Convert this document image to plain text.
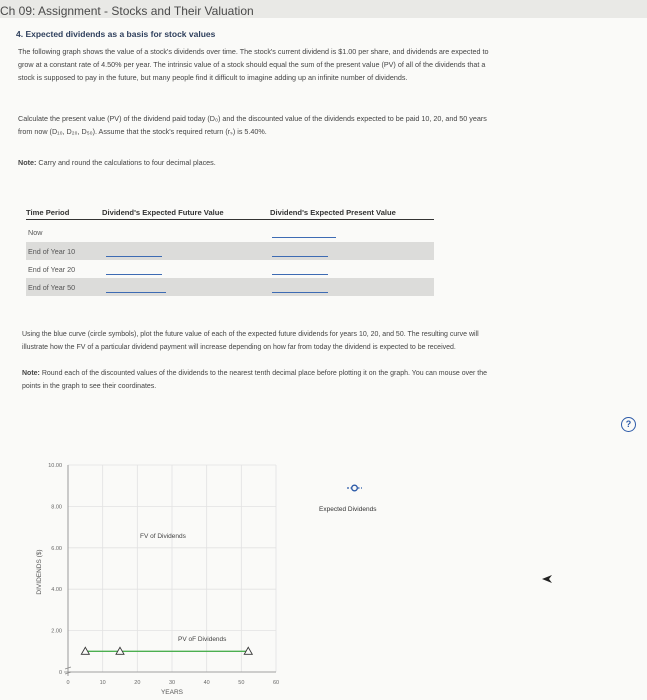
Ch 09: Assignment - Stocks and Their Valuation
4. Expected dividends as a basis for stock values
The following graph shows the value of a stock's dividends over time. The stock's current dividend is $1.00 per share, and dividends are expected to
grow at a constant rate of 4.50% per year. The intrinsic value of a stock should equal the sum of the present value (PV) of all of the dividends that a
stock is supposed to pay in the future, but many people find it difficult to imagine adding up an infinite number of dividends.
Calculate the present value (PV) of the dividend paid today (D₀) and the discounted value of the dividends expected to be paid 10, 20, and 50 years
from now (D₁₀, D₂₀, D₅₀). Assume that the stock's required return (rₛ) is 5.40%.
Note: Carry and round the calculations to four decimal places.
Time Period	Dividend's Expected Future Value	Dividend's Expected Present Value
Now
End of Year 10
End of Year 20
End of Year 50
Using the blue curve (circle symbols), plot the future value of each of the expected future dividends for years 10, 20, and 50. The resulting curve will
illustrate how the FV of a particular dividend payment will increase depending on how far from today the dividend is expected to be received.
Note: Round each of the discounted values of the dividends to the nearest tenth decimal place before plotting it on the graph. You can mouse over the
points in the graph to see their coordinates.
?
0	10	20	30	40	50	60
0
2.00
4.00
6.00
8.00
10.00
DIVIDENDS ($)
YEARS
FV of Dividends
PV oF Dividends
Expected Dividends
